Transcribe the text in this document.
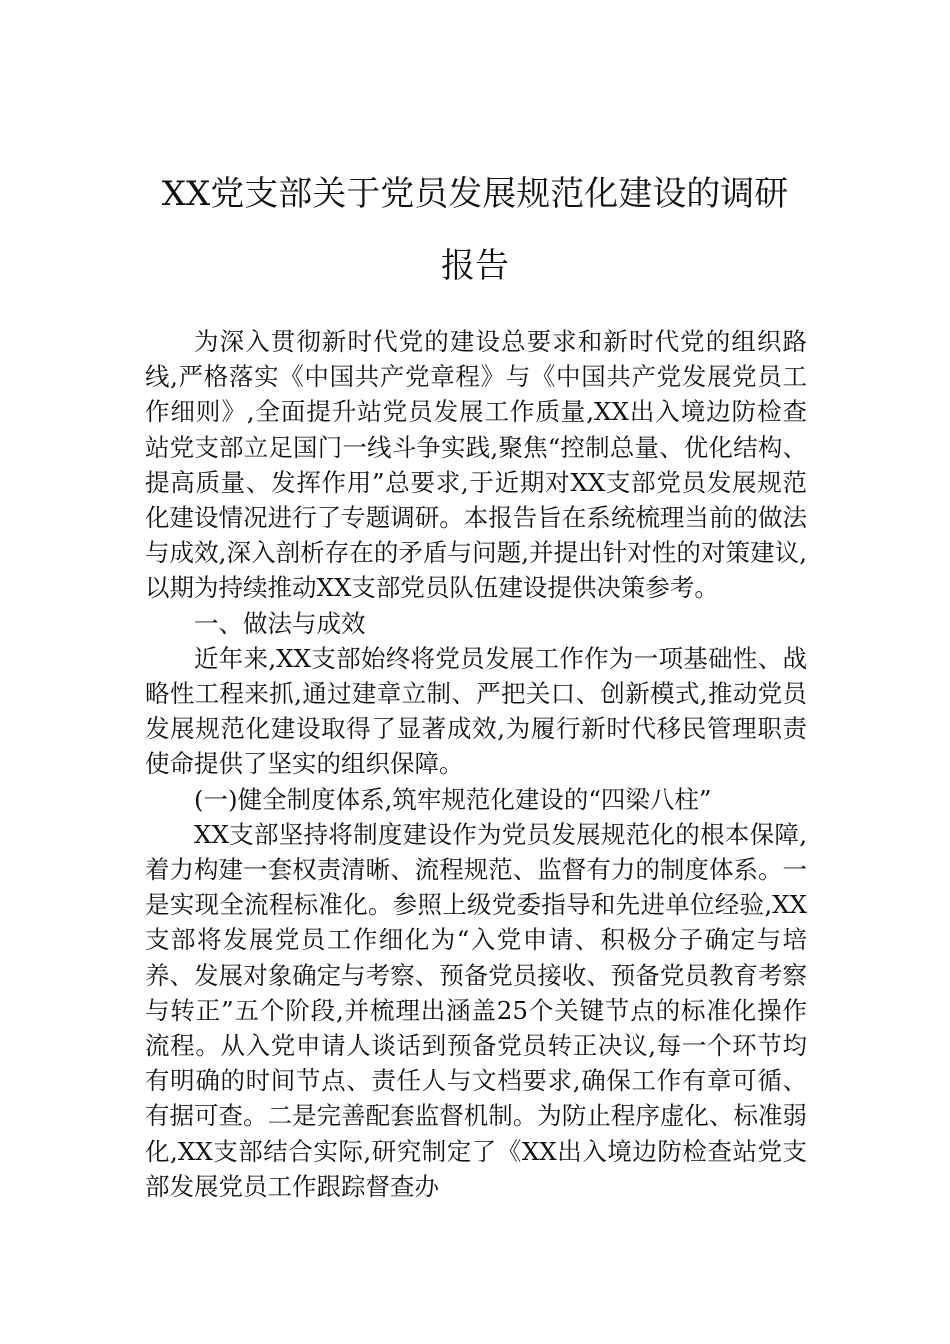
XX党支部关于党员发展规范化建设的调研
报告

为深入贯彻新时代党的建设总要求和新时代党的组织路线,严格落实《中国共产党章程》与《中国共产党发展党员工作细则》,全面提升站党员发展工作质量,XX出入境边防检查站党支部立足国门一线斗争实践,聚焦“控制总量、优化结构、提高质量、发挥作用”总要求,于近期对XX支部党员发展规范化建设情况进行了专题调研。本报告旨在系统梳理当前的做法与成效,深入剖析存在的矛盾与问题,并提出针对性的对策建议,以期为持续推动XX支部党员队伍建设提供决策参考。

一、做法与成效

近年来,XX支部始终将党员发展工作作为一项基础性、战略性工程来抓,通过建章立制、严把关口、创新模式,推动党员发展规范化建设取得了显著成效,为履行新时代移民管理职责使命提供了坚实的组织保障。

(一)健全制度体系,筑牢规范化建设的“四梁八柱”

XX支部坚持将制度建设作为党员发展规范化的根本保障,着力构建一套权责清晰、流程规范、监督有力的制度体系。一是实现全流程标准化。参照上级党委指导和先进单位经验,XX支部将发展党员工作细化为“入党申请、积极分子确定与培养、发展对象确定与考察、预备党员接收、预备党员教育考察与转正”五个阶段,并梳理出涵盖25个关键节点的标准化操作流程。从入党申请人谈话到预备党员转正决议,每一个环节均有明确的时间节点、责任人与文档要求,确保工作有章可循、有据可查。二是完善配套监督机制。为防止程序虚化、标准弱化,XX支部结合实际,研究制定了《XX出入境边防检查站党支部发展党员工作跟踪督查办
